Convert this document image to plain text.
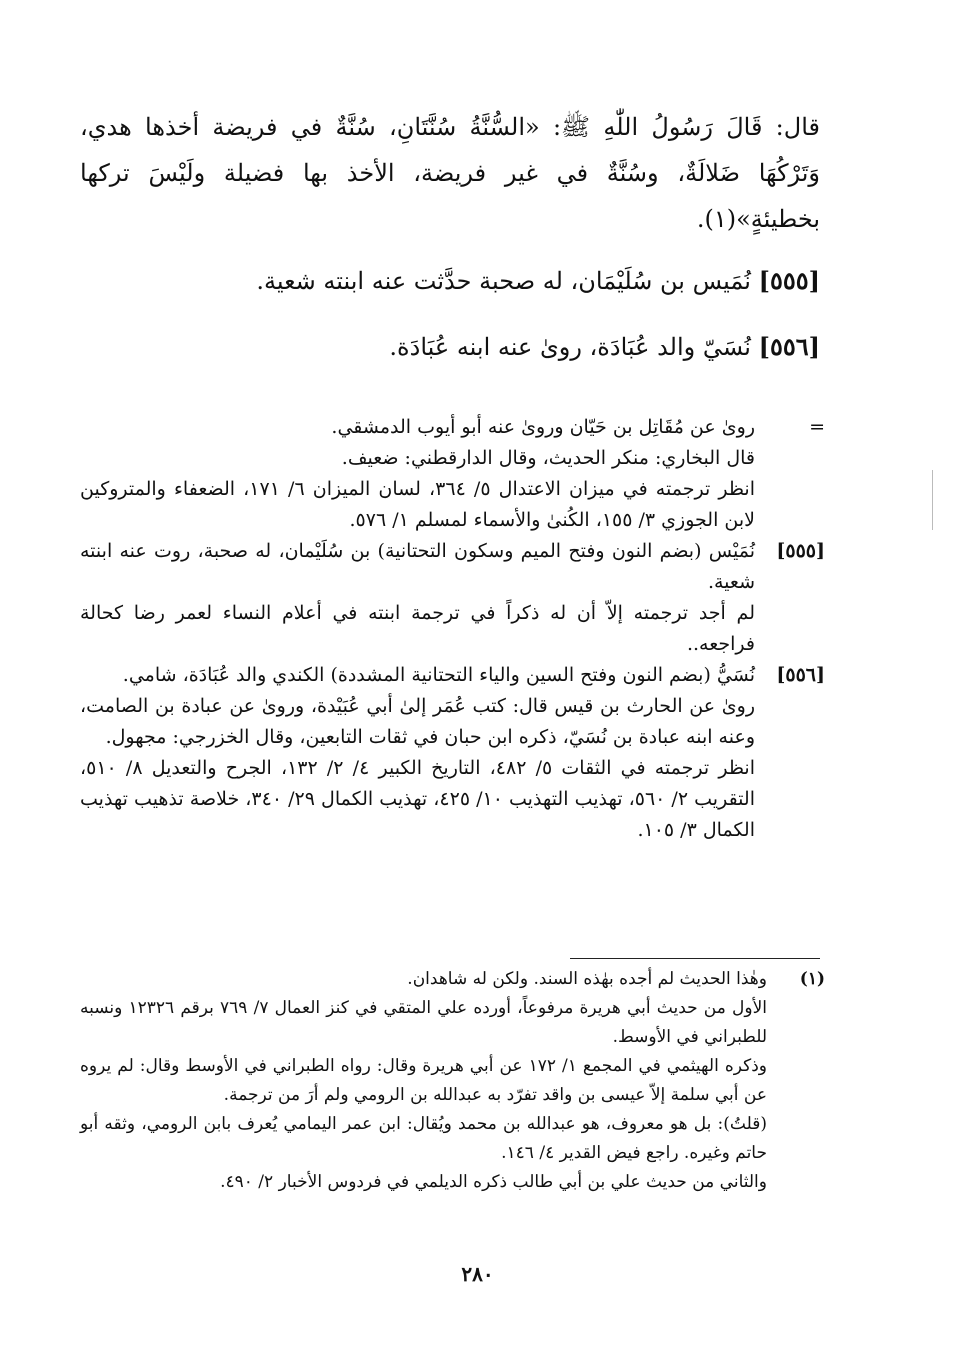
قال: قَالَ رَسُولُ اللّٰهِ ﷺ: «السُّنَّةُ سُنَّتَانِ، سُنَّةٌ في فريضة أخذها هدي، وَتَرْكُهَا ضَلالَةٌ، وسُنَّةٌ في غير فريضة، الأخذ بها فضيلة ولَيْسَ تركها بخطيئةٍ»(١).
[٥٥٥] نُمَيس بن سُلَيْمَان، له صحبة حدَّثت عنه ابنته شعية.
[٥٥٦] نُسَيّ والد عُبَادَة، روىٰ عنه ابنه عُبَادَة.
=

روىٰ عن مُقَاتِل بن حَيّان وروىٰ عنه أبو أيوب الدمشقي.

قال البخاري: منكر الحديث، وقال الدارقطني: ضعيف.

انظر ترجمته في ميزان الاعتدال ٥/ ٣٦٤، لسان الميزان ٦/ ١٧١، الضعفاء والمتروكين لابن الجوزي ٣/ ١٥٥، الكُنىٰ والأسماء لمسلم ١/ ٥٧٦.

[٥٥٥]

نُمَيْس (بضم النون وفتح الميم وسكون التحتانية) بن سُلَيْمان، له صحبة، روت عنه ابنته شعية.

لم أجد ترجمته إلاّ أن له ذكراً في ترجمة ابنته في أعلام النساء لعمر رضا كحالة فراجعه..

[٥٥٦]

نُسَيُّ (بضم النون وفتح السين والياء التحتانية المشددة) الكندي والد عُبَادَة، شامي.

روىٰ عن الحارث بن قيس قال: كتب عُمَر إلىٰ أبي عُبَيْدة، وروىٰ عن عبادة بن الصامت، وعنه ابنه عبادة بن نُسَيّ، ذكره ابن حبان في ثقات التابعين، وقال الخزرجي: مجهول.

انظر ترجمته في الثقات ٥/ ٤٨٢، التاريخ الكبير ٤/ ٢/ ١٣٢، الجرح والتعديل ٨/ ٥١٠، التقريب ٢/ ٥٦٠، تهذيب التهذيب ١٠/ ٤٢٥، تهذيب الكمال ٢٩/ ٣٤٠، خلاصة تذهيب تهذيب الكمال ٣/ ١٠٥.

(١)

وهٰذا الحديث لم أجده بهٰذه السند. ولكن له شاهدان.

الأول من حديث أبي هريرة مرفوعاً، أورده علي المتقي في كنز العمال ٧/ ٧٦٩ برقم ١٢٣٢٦ ونسبه للطبراني في الأوسط.

وذكره الهيثمي في المجمع ١/ ١٧٢ عن أبي هريرة وقال: رواه الطبراني في الأوسط وقال: لم يروه عن أبي سلمة إلاّ عيسى بن واقد تفرّد به عبدالله بن الرومي ولم أرَ من ترجمة.

(قلتُ): بل هو معروف، هو عبدالله بن محمد ويُقال: ابن عمر اليمامي يُعرف بابن الرومي، وثقه أبو حاتم وغيره. راجع فيض القدير ٤/ ١٤٦.

والثاني من حديث علي بن أبي طالب ذكره الديلمي في فردوس الأخبار ٢/ ٤٩٠.

٢٨٠
